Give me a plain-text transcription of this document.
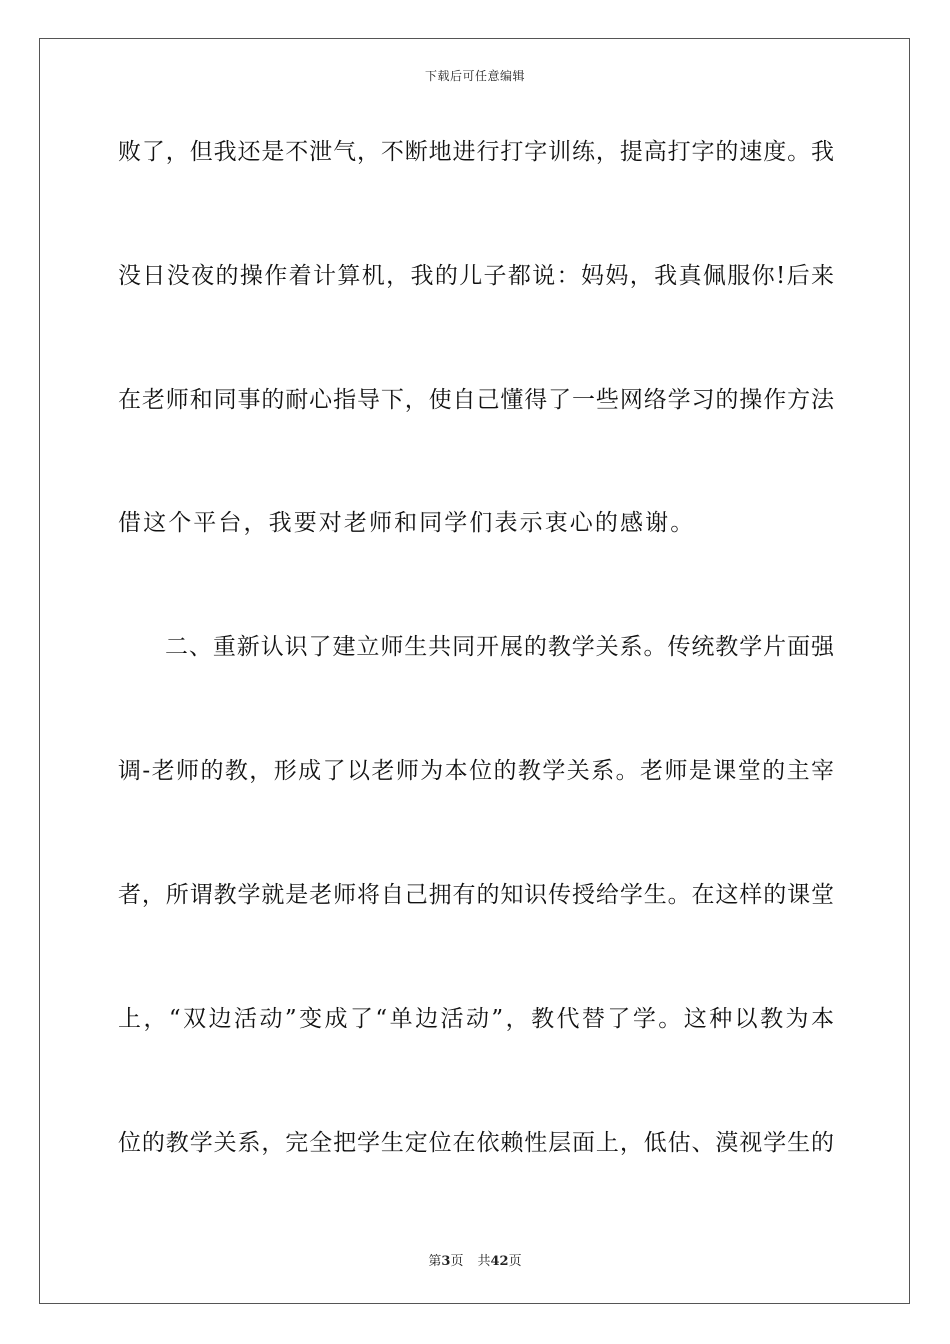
下载后可任意编辑
败了，但我还是不泄气，不断地进行打字训练，提高打字的速度。我
没日没夜的操作着计算机，我的儿子都说：妈妈，我真佩服你!后来
在老师和同事的耐心指导下，使自己懂得了一些网络学习的操作方法
借这个平台，我要对老师和同学们表示衷心的感谢。
二、重新认识了建立师生共同开展的教学关系。传统教学片面强
调-老师的教，形成了以老师为本位的教学关系。老师是课堂的主宰
者，所谓教学就是老师将自己拥有的知识传授给学生。在这样的课堂
上，“双边活动”变成了“单边活动”，教代替了学。这种以教为本
位的教学关系，完全把学生定位在依赖性层面上，低估、漠视学生的
第3页 共42页
